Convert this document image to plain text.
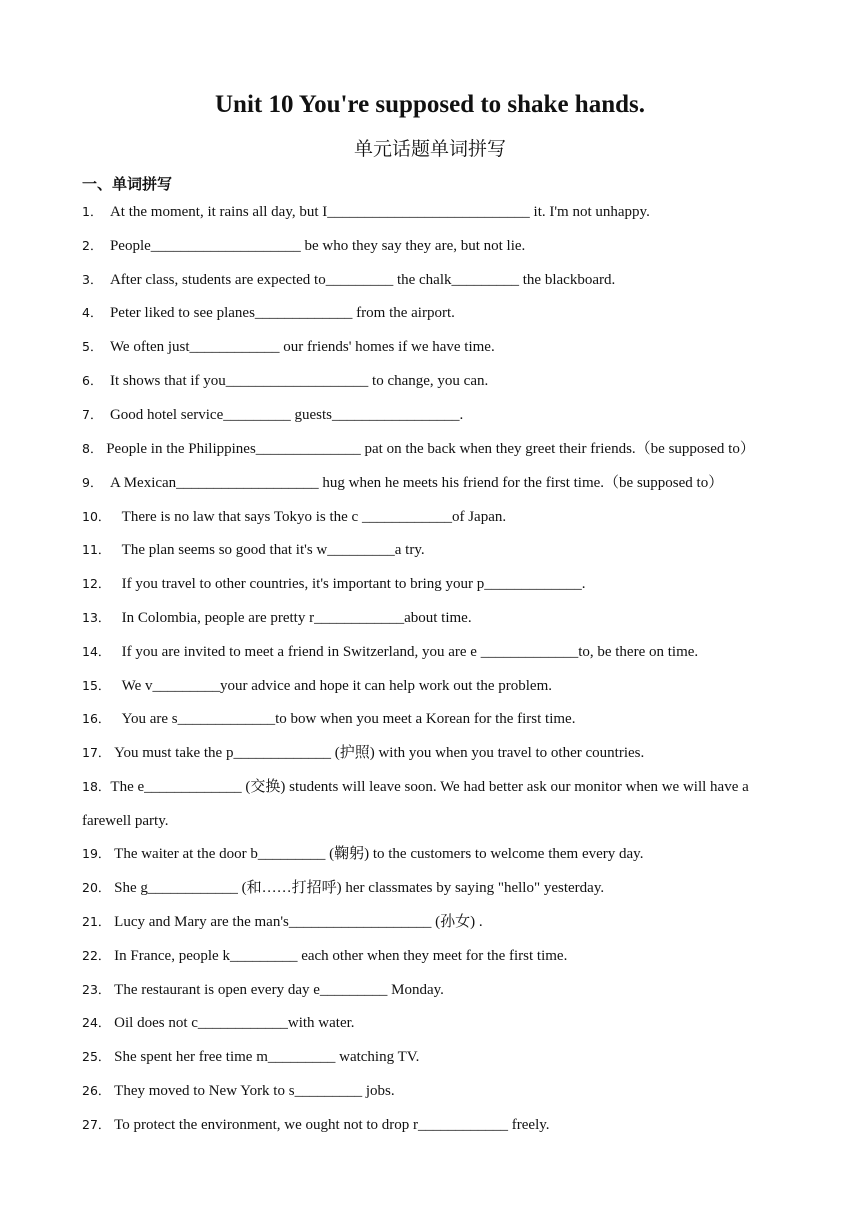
Unit 10 You're supposed to shake hands.
单元话题单词拼写
一、单词拼写
1． At the moment, it rains all day, but I___________________________ it. I'm not unhappy.
2． People____________________ be who they say they are, but not lie.
3． After class, students are expected to_________ the chalk_________ the blackboard.
4． Peter liked to see planes_____________ from the airport.
5． We often just____________ our friends' homes if we have time.
6． It shows that if you___________________ to change, you can.
7． Good hotel service_________ guests_________________.
8． People in the Philippines______________ pat on the back when they greet their friends.（be supposed to）
9． A Mexican___________________ hug when he meets his friend for the first time.（be supposed to）
10． There is no law that says Tokyo is the c ____________of Japan.
11． The plan seems so good that it's w_________a try.
12． If you travel to other countries, it's important to bring your p_____________.
13． In Colombia, people are pretty r____________about time.
14． If you are invited to meet a friend in Switzerland, you are e _____________to, be there on time.
15． We v_________your advice and hope it can help work out the problem.
16． You are s_____________to bow when you meet a Korean for the first time.
17． You must take the p_____________ (护照) with you when you travel to other countries.
18．The e_____________ (交换) students will leave soon. We had better ask our monitor when we will have a farewell party.
19． The waiter at the door b_________ (鞠躬) to the customers to welcome them every day.
20． She g____________ (和……打招呼) her classmates by saying "hello" yesterday.
21． Lucy and Mary are the man's___________________ (孙女) .
22． In France, people k_________ each other when they meet for the first time.
23． The restaurant is open every day e_________ Monday.
24． Oil does not c____________with water.
25． She spent her free time m_________ watching TV.
26． They moved to New York to s_________ jobs.
27． To protect the environment, we ought not to drop r____________ freely.
